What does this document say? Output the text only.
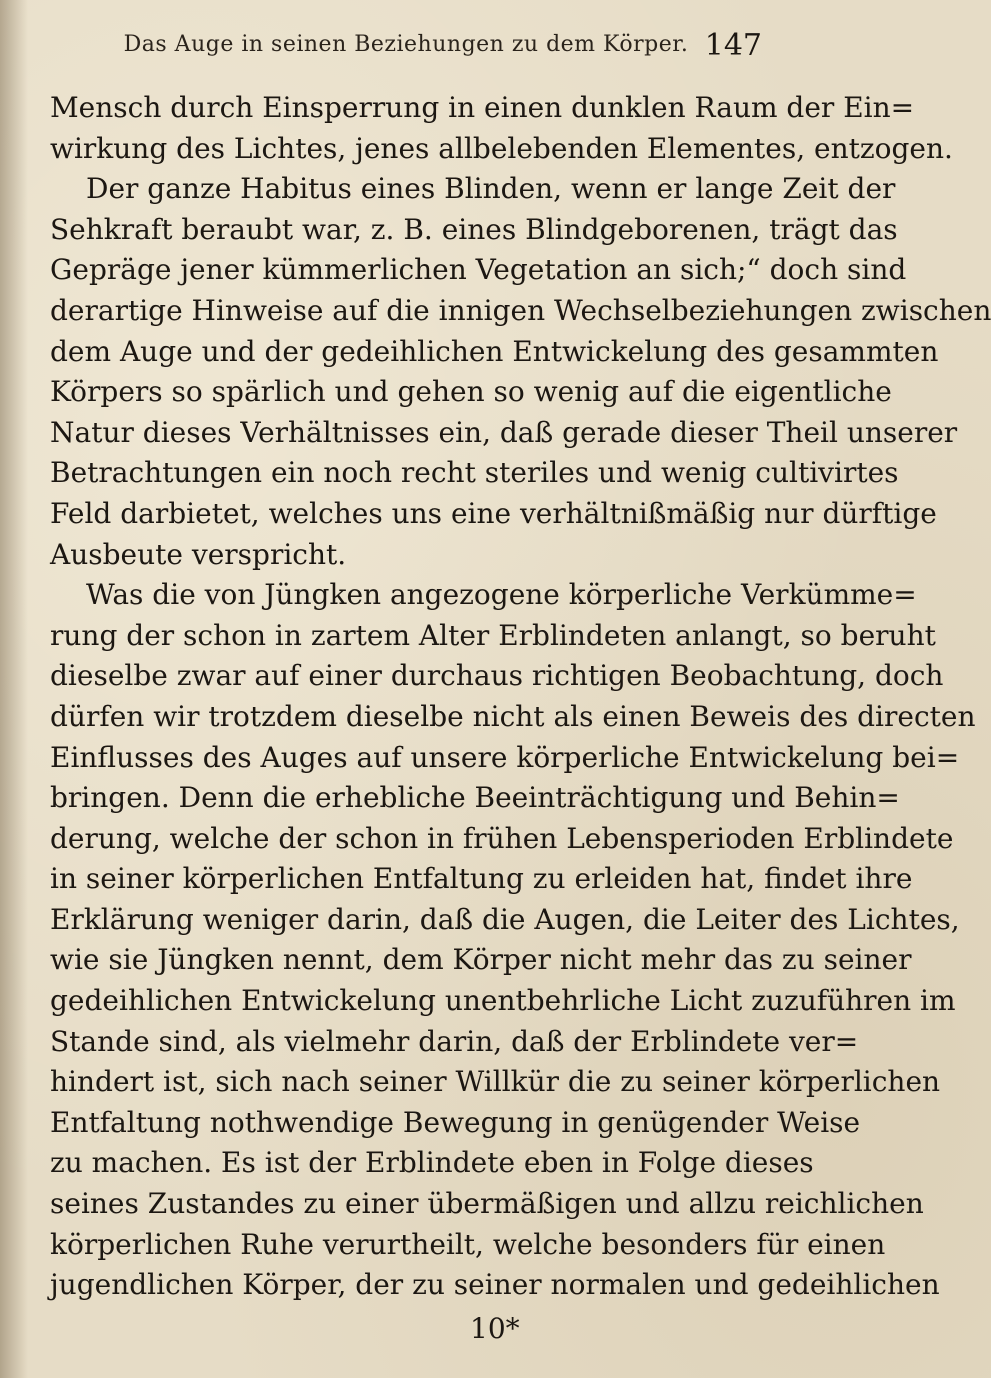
Das Auge in seinen Beziehungen zu dem Körper. 147
Mensch durch Einsperrung in einen dunklen Raum der Ein=
wirkung des Lichtes, jenes allbelebenden Elementes, entzogen.
Der ganze Habitus eines Blinden, wenn er lange Zeit der
Sehkraft beraubt war, z. B. eines Blindgeborenen, trägt das
Gepräge jener kümmerlichen Vegetation an sich;“ doch sind
derartige Hinweise auf die innigen Wechselbeziehungen zwischen
dem Auge und der gedeihlichen Entwickelung des gesammten
Körpers so spärlich und gehen so wenig auf die eigentliche
Natur dieses Verhältnisses ein, daß gerade dieser Theil unserer
Betrachtungen ein noch recht steriles und wenig cultivirtes
Feld darbietet, welches uns eine verhältnißmäßig nur dürftige
Ausbeute verspricht.
Was die von Jüngken angezogene körperliche Verkümme=
rung der schon in zartem Alter Erblindeten anlangt, so beruht
dieselbe zwar auf einer durchaus richtigen Beobachtung, doch
dürfen wir trotzdem dieselbe nicht als einen Beweis des directen
Einflusses des Auges auf unsere körperliche Entwickelung bei=
bringen. Denn die erhebliche Beeinträchtigung und Behin=
derung, welche der schon in frühen Lebensperioden Erblindete
in seiner körperlichen Entfaltung zu erleiden hat, findet ihre
Erklärung weniger darin, daß die Augen, die Leiter des Lichtes,
wie sie Jüngken nennt, dem Körper nicht mehr das zu seiner
gedeihlichen Entwickelung unentbehrliche Licht zuzuführen im
Stande sind, als vielmehr darin, daß der Erblindete ver=
hindert ist, sich nach seiner Willkür die zu seiner körperlichen
Entfaltung nothwendige Bewegung in genügender Weise
zu machen. Es ist der Erblindete eben in Folge dieses
seines Zustandes zu einer übermäßigen und allzu reichlichen
körperlichen Ruhe verurtheilt, welche besonders für einen
jugendlichen Körper, der zu seiner normalen und gedeihlichen
10*
